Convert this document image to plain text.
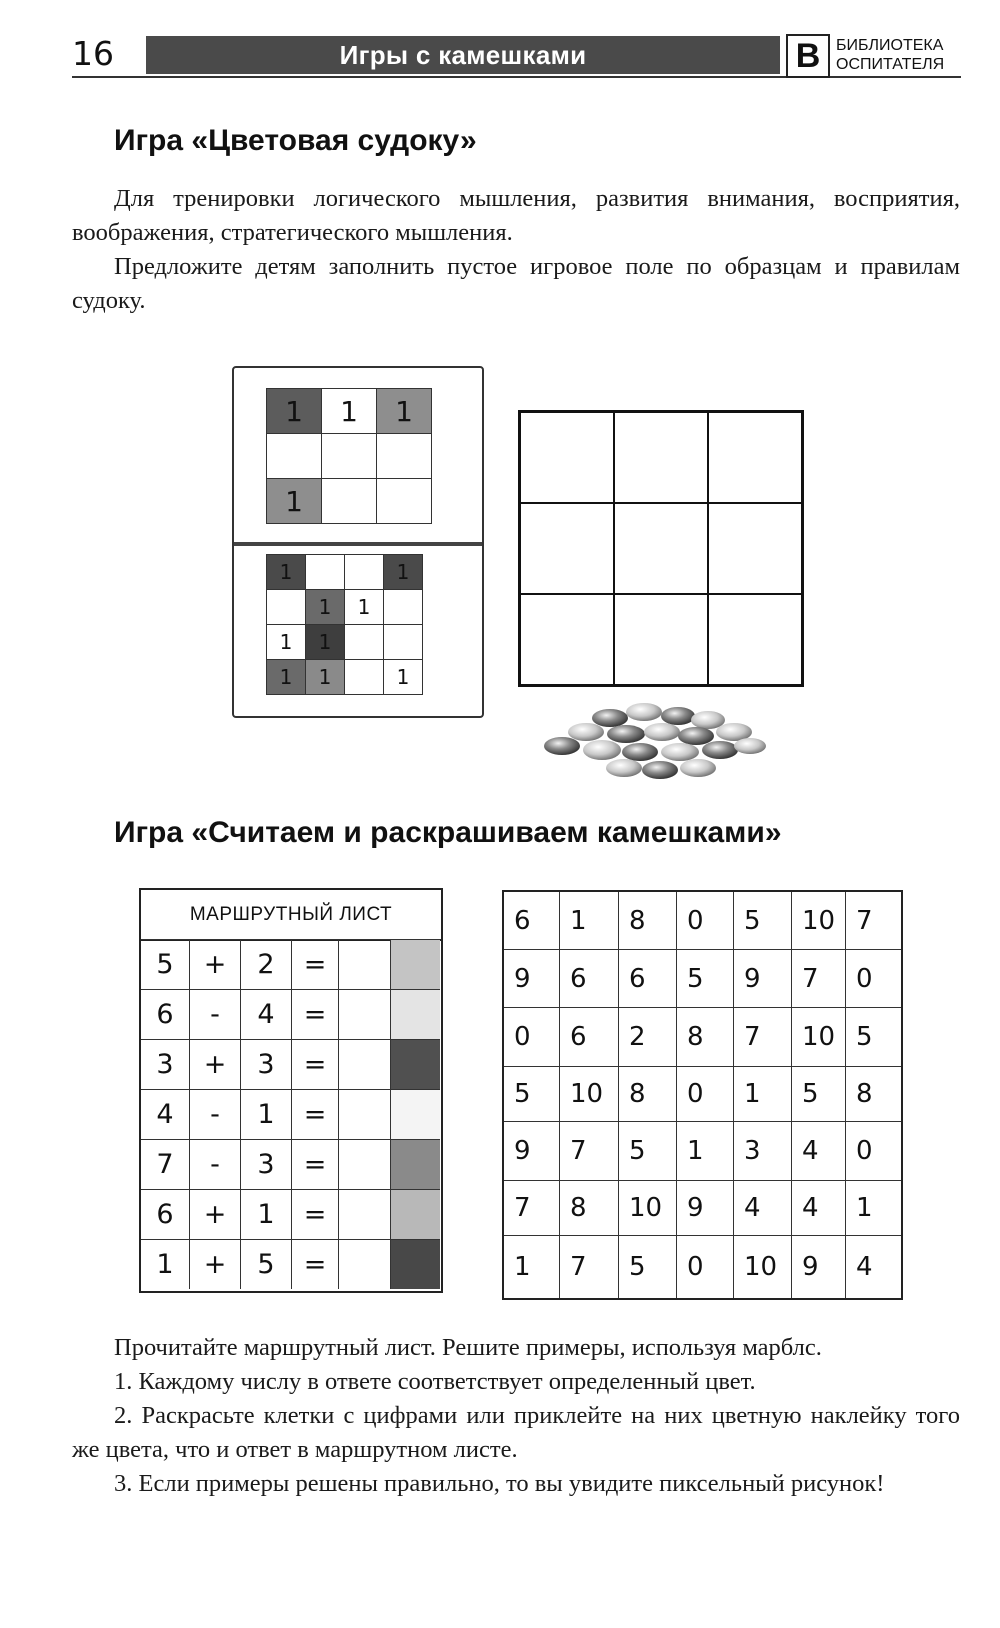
16	Игры с камешками	В БИБЛИОТЕКА
ОСПИТАТЕЛЯ
Игра «Цветовая судоку»

Для тренировки логического мышления, развития внимания, восприятия, воображения, стратегического мышления.

Предложите детям заполнить пустое игровое поле по образцам и правилам судоку.

1	1	1

1		
1			1
	1	1	
1	1		
1	1		1

Игра «Считаем и раскрашиваем камешками»
МАРШРУТНЫЙ ЛИСТ
5	+	2	=		
6	-	4	=		
3	+	3	=		
4	-	1	=		
7	-	3	=		
6	+	1	=		
1	+	5	=		
6	1	8	0	5	10	7
9	6	6	5	9	7	0
0	6	2	8	7	10	5
5	10	8	0	1	5	8
9	7	5	1	3	4	0
7	8	10	9	4	4	1
1	7	5	0	10	9	4

Прочитайте маршрутный лист. Решите примеры, используя марблс.

1. Каждому числу в ответе соответствует определенный цвет.

2. Раскрасьте клетки с цифрами или приклейте на них цветную наклейку того же цвета, что и ответ в маршрутном листе.

3. Если примеры решены правильно, то вы увидите пиксельный рисунок!
